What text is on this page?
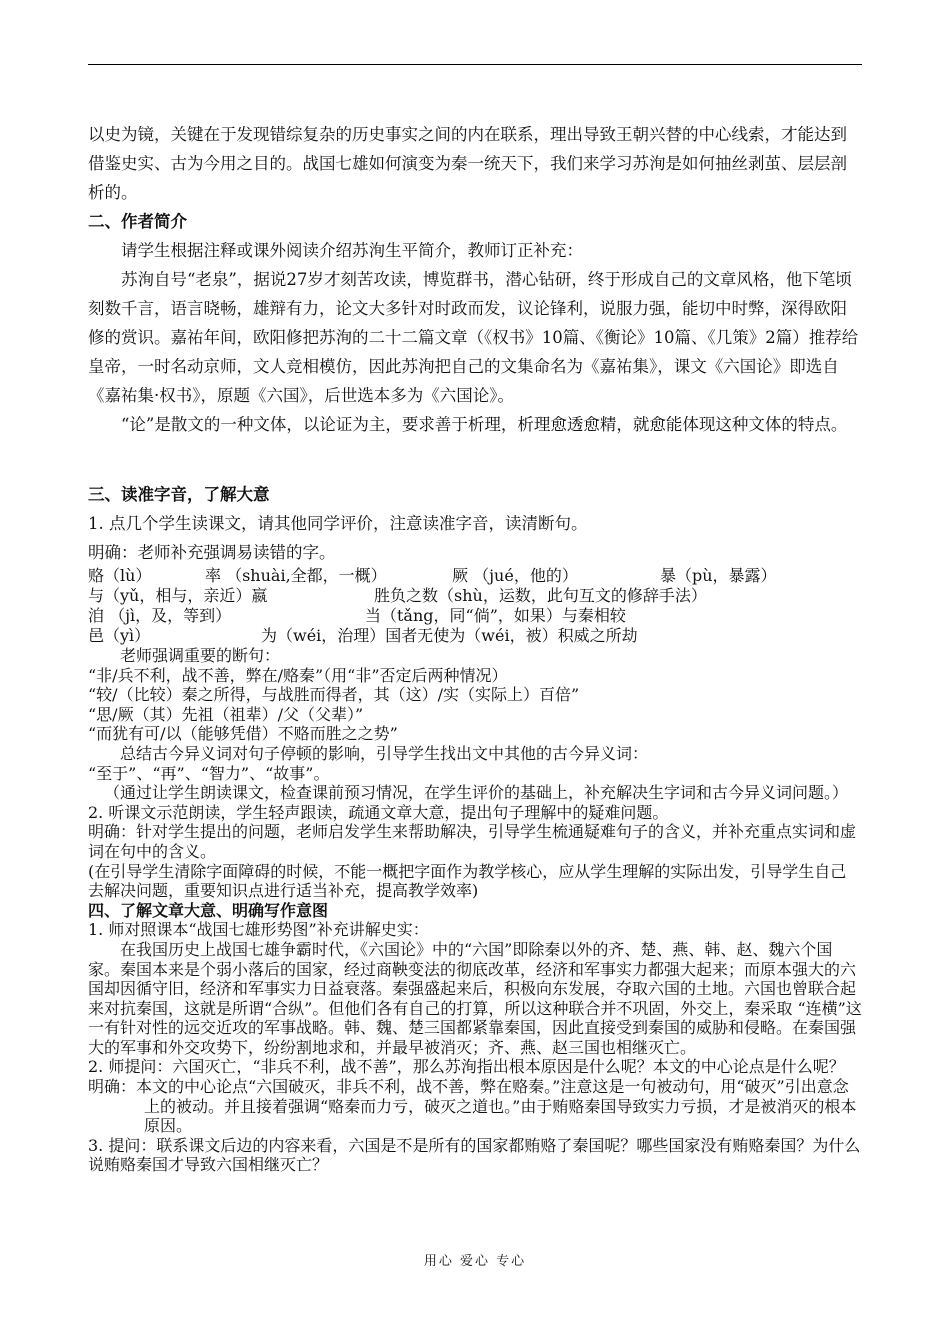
以史为镜，关键在于发现错综复杂的历史事实之间的内在联系，理出导致王朝兴替的中心线索，才能达到借鉴史实、古为今用之目的。战国七雄如何演变为秦一统天下，我们来学习苏洵是如何抽丝剥茧、层层剖析的。

二、作者简介

请学生根据注释或课外阅读介绍苏洵生平简介，教师订正补充：

苏洵自号“老泉”，据说27岁才刻苦攻读，博览群书，潜心钻研，终于形成自己的文章风格，他下笔顷刻数千言，语言晓畅，雄辩有力，论文大多针对时政而发，议论锋利，说服力强，能切中时弊，深得欧阳修的赏识。嘉祐年间，欧阳修把苏洵的二十二篇文章（《权书》10篇、《衡论》10篇、《几策》2篇）推荐给皇帝，一时名动京师，文人竞相模仿，因此苏洵把自己的文集命名为《嘉祐集》，课文《六国论》即选自《嘉祐集·权书》，原题《六国》，后世选本多为《六国论》。

“论”是散文的一种文体，以论证为主，要求善于析理，析理愈透愈精，就愈能体现这种文体的特点。

三、读准字音，了解大意

1. 点几个学生读课文，请其他同学评价，注意读准字音，读清断句。

明确：老师补充强调易读错的字。

赂（lù）	率 （shuài,全都，一概）	厥 （jué，他的）	暴（pù，暴露）
与（yǔ，相与，亲近）嬴	胜负之数（shù，运数，此句互文的修辞手法）
洎 （jì，及，等到）	当（tǎng，同“倘”，如果）与秦相较
邑（yì）	为（wéi，治理）国者无使为（wéi，被）积威之所劫

老师强调重要的断句：

“非/兵不利，战不善，弊在/赂秦”（用“非”否定后两种情况）

“较/（比较）秦之所得，与战胜而得者，其（这）/实（实际上）百倍”

“思/厥（其）先祖（祖辈）/父（父辈）”

“而犹有可/以（能够凭借）不赂而胜之之势”

总结古今异义词对句子停顿的影响，引导学生找出文中其他的古今异义词：

“至于”、“再”、“智力”、“故事”。

（通过让学生朗读课文，检查课前预习情况，在学生评价的基础上，补充解决生字词和古今异义词问题。）

2. 听课文示范朗读，学生轻声跟读，疏通文章大意，提出句子理解中的疑难问题。

明确：针对学生提出的问题，老师启发学生来帮助解决，引导学生梳通疑难句子的含义，并补充重点实词和虚词在句中的含义。

(在引导学生清除字面障碍的时候，不能一概把字面作为教学核心，应从学生理解的实际出发，引导学生自己去解决问题，重要知识点进行适当补充，提高教学效率)

四、了解文章大意、明确写作意图

1. 师对照课本“战国七雄形势图”补充讲解史实：

在我国历史上战国七雄争霸时代，《六国论》中的“六国”即除秦以外的齐、楚、燕、韩、赵、魏六个国家。秦国本来是个弱小落后的国家，经过商鞅变法的彻底改革，经济和军事实力都强大起来；而原本强大的六国却因循守旧，经济和军事实力日益衰落。秦强盛起来后，积极向东发展，夺取六国的土地。六国也曾联合起来对抗秦国，这就是所谓“合纵”。但他们各有自己的打算，所以这种联合并不巩固，外交上，秦采取 “连横”这一有针对性的远交近攻的军事战略。韩、魏、楚三国都紧靠秦国，因此直接受到秦国的威胁和侵略。在秦国强大的军事和外交攻势下，纷纷割地求和，并最早被消灭；齐、燕、赵三国也相继灭亡。

2. 师提问：六国灭亡，“非兵不利，战不善”，那么苏洵指出根本原因是什么呢？本文的中心论点是什么呢？

明确：本文的中心论点“六国破灭，非兵不利，战不善，弊在赂秦。”注意这是一句被动句，用“破灭”引出意念上的被动。并且接着强调“赂秦而力亏，破灭之道也。”由于贿赂秦国导致实力亏损，才是被消灭的根本原因。

3. 提问：联系课文后边的内容来看，六国是不是所有的国家都贿赂了秦国呢？哪些国家没有贿赂秦国？为什么说贿赂秦国才导致六国相继灭亡？

用心 爱心 专心
